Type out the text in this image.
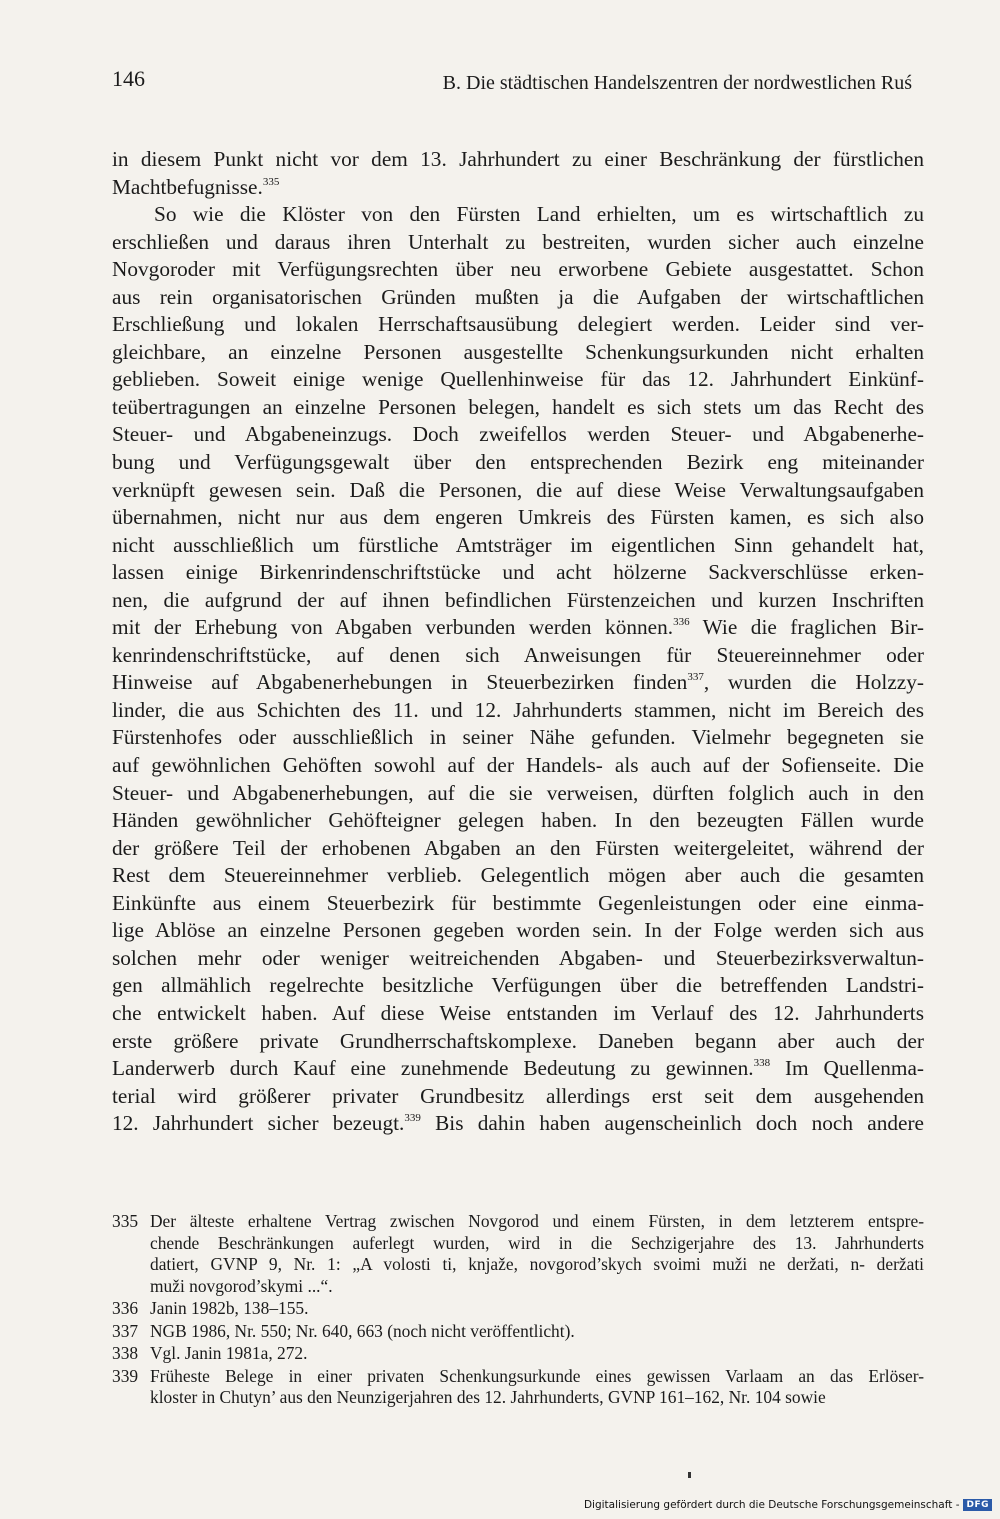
146	B. Die städtischen Handelszentren der nordwestlichen Ruś
in diesem Punkt nicht vor dem 13. Jahrhundert zu einer Beschränkung der fürstlichen
Machtbefugnisse.$^{335}$
So wie die Klöster von den Fürsten Land erhielten, um es wirtschaftlich zu
erschließen und daraus ihren Unterhalt zu bestreiten, wurden sicher auch einzelne
Novgoroder mit Verfügungsrechten über neu erworbene Gebiete ausgestattet. Schon
aus rein organisatorischen Gründen mußten ja die Aufgaben der wirtschaftlichen
Erschließung und lokalen Herrschaftsausübung delegiert werden. Leider sind ver-
gleichbare, an einzelne Personen ausgestellte Schenkungsurkunden nicht erhalten
geblieben. Soweit einige wenige Quellenhinweise für das 12. Jahrhundert Einkünf-
teübertragungen an einzelne Personen belegen, handelt es sich stets um das Recht des
Steuer- und Abgabeneinzugs. Doch zweifellos werden Steuer- und Abgabenerhe-
bung und Verfügungsgewalt über den entsprechenden Bezirk eng miteinander
verknüpft gewesen sein. Daß die Personen, die auf diese Weise Verwaltungsaufgaben
übernahmen, nicht nur aus dem engeren Umkreis des Fürsten kamen, es sich also
nicht ausschließlich um fürstliche Amtsträger im eigentlichen Sinn gehandelt hat,
lassen einige Birkenrindenschriftstücke und acht hölzerne Sackverschlüsse erken-
nen, die aufgrund der auf ihnen befindlichen Fürstenzeichen und kurzen Inschriften
mit der Erhebung von Abgaben verbunden werden können.$^{336}$ Wie die fraglichen Bir-
kenrindenschriftstücke, auf denen sich Anweisungen für Steuereinnehmer oder
Hinweise auf Abgabenerhebungen in Steuerbezirken finden$^{337}$, wurden die Holzzy-
linder, die aus Schichten des 11. und 12. Jahrhunderts stammen, nicht im Bereich des
Fürstenhofes oder ausschließlich in seiner Nähe gefunden. Vielmehr begegneten sie
auf gewöhnlichen Gehöften sowohl auf der Handels- als auch auf der Sofienseite. Die
Steuer- und Abgabenerhebungen, auf die sie verweisen, dürften folglich auch in den
Händen gewöhnlicher Gehöfteigner gelegen haben. In den bezeugten Fällen wurde
der größere Teil der erhobenen Abgaben an den Fürsten weitergeleitet, während der
Rest dem Steuereinnehmer verblieb. Gelegentlich mögen aber auch die gesamten
Einkünfte aus einem Steuerbezirk für bestimmte Gegenleistungen oder eine einma-
lige Ablöse an einzelne Personen gegeben worden sein. In der Folge werden sich aus
solchen mehr oder weniger weitreichenden Abgaben- und Steuerbezirksverwaltun-
gen allmählich regelrechte besitzliche Verfügungen über die betreffenden Landstri-
che entwickelt haben. Auf diese Weise entstanden im Verlauf des 12. Jahrhunderts
erste größere private Grundherrschaftskomplexe. Daneben begann aber auch der
Landerwerb durch Kauf eine zunehmende Bedeutung zu gewinnen.$^{338}$ Im Quellenma-
terial wird größerer privater Grundbesitz allerdings erst seit dem ausgehenden
12. Jahrhundert sicher bezeugt.$^{339}$ Bis dahin haben augenscheinlich doch noch andere
335 Der älteste erhaltene Vertrag zwischen Novgorod und einem Fürsten, in dem letzterem entspre-
chende Beschränkungen auferlegt wurden, wird in die Sechzigerjahre des 13. Jahrhunderts
datiert, GVNP 9, Nr. 1: „A volosti ti, knjaže, novgorod’skych svoimi muži ne deržati, n- deržati
muži novgorod’skymi ...“.
336 Janin 1982b, 138–155.
337 NGB 1986, Nr. 550; Nr. 640, 663 (noch nicht veröffentlicht).
338 Vgl. Janin 1981a, 272.
339 Früheste Belege in einer privaten Schenkungsurkunde eines gewissen Varlaam an das Erlöser-
kloster in Chutyn’ aus den Neunzigerjahren des 12. Jahrhunderts, GVNP 161–162, Nr. 104 sowie
Digitalisierung gefördert durch die Deutsche Forschungsgemeinschaft - DFG
